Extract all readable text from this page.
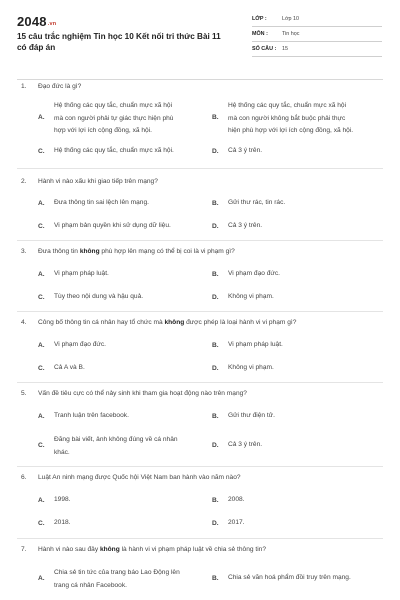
2048.vn
15 câu trắc nghiệm Tin học 10 Kết nối tri thức Bài 11 có đáp án
LỚP :	Lớp 10
MÔN :	Tin học
SỐ CÂU : 15
1. Đạo đức là gì?
A.
Hệ thống các quy tắc, chuẩn mực xã hội
mà con người phải tự giác thực hiện phù
hợp với lợi ích cộng đồng, xã hội.
B.
Hệ thống các quy tắc, chuẩn mực xã hội
mà con người không bắt buộc phải thực
hiện phù hợp với lợi ích cộng đồng, xã hội.
C. Hệ thống các quy tắc, chuẩn mực xã hội.	D. Cả 3 ý trên.
2. Hành vi nào xấu khi giao tiếp trên mạng?
A. Đưa thông tin sai lệch lên mạng.	B. Gửi thư rác, tin rác.
C. Vi phạm bản quyền khi sử dụng dữ liệu.	D. Cả 3 ý trên.
3. Đưa thông tin không phù hợp lên mạng có thể bị coi là vi phạm gì?
A. Vi phạm pháp luật.	B. Vi phạm đạo đức.
C. Tùy theo nội dung và hậu quả.	D. Không vi phạm.
4. Công bố thông tin cá nhân hay tổ chức mà không được phép là loại hành vi vi phạm gì?
A. Vi phạm đạo đức.	B. Vi phạm pháp luật.
C. Cả A và B.	D. Không vi phạm.
5. Vấn đề tiêu cực có thể nảy sinh khi tham gia hoạt động nào trên mạng?
A. Tranh luận trên facebook.	B. Gửi thư điện tử.
C.
Đăng bài viết, ảnh không đúng về cá nhân
khác.
D. Cả 3 ý trên.
6. Luật An ninh mạng được Quốc hội Việt Nam ban hành vào năm nào?
A. 1998.	B. 2008.
C. 2018.	D. 2017.
7. Hành vi nào sau đây không là hành vi vi phạm pháp luật về chia sẻ thông tin?
A.
Chia sẻ tin tức của trang báo Lao Động lên
trang cá nhân Facebook.
B. Chia sẻ văn hoá phẩm đồi truy trên mạng.
